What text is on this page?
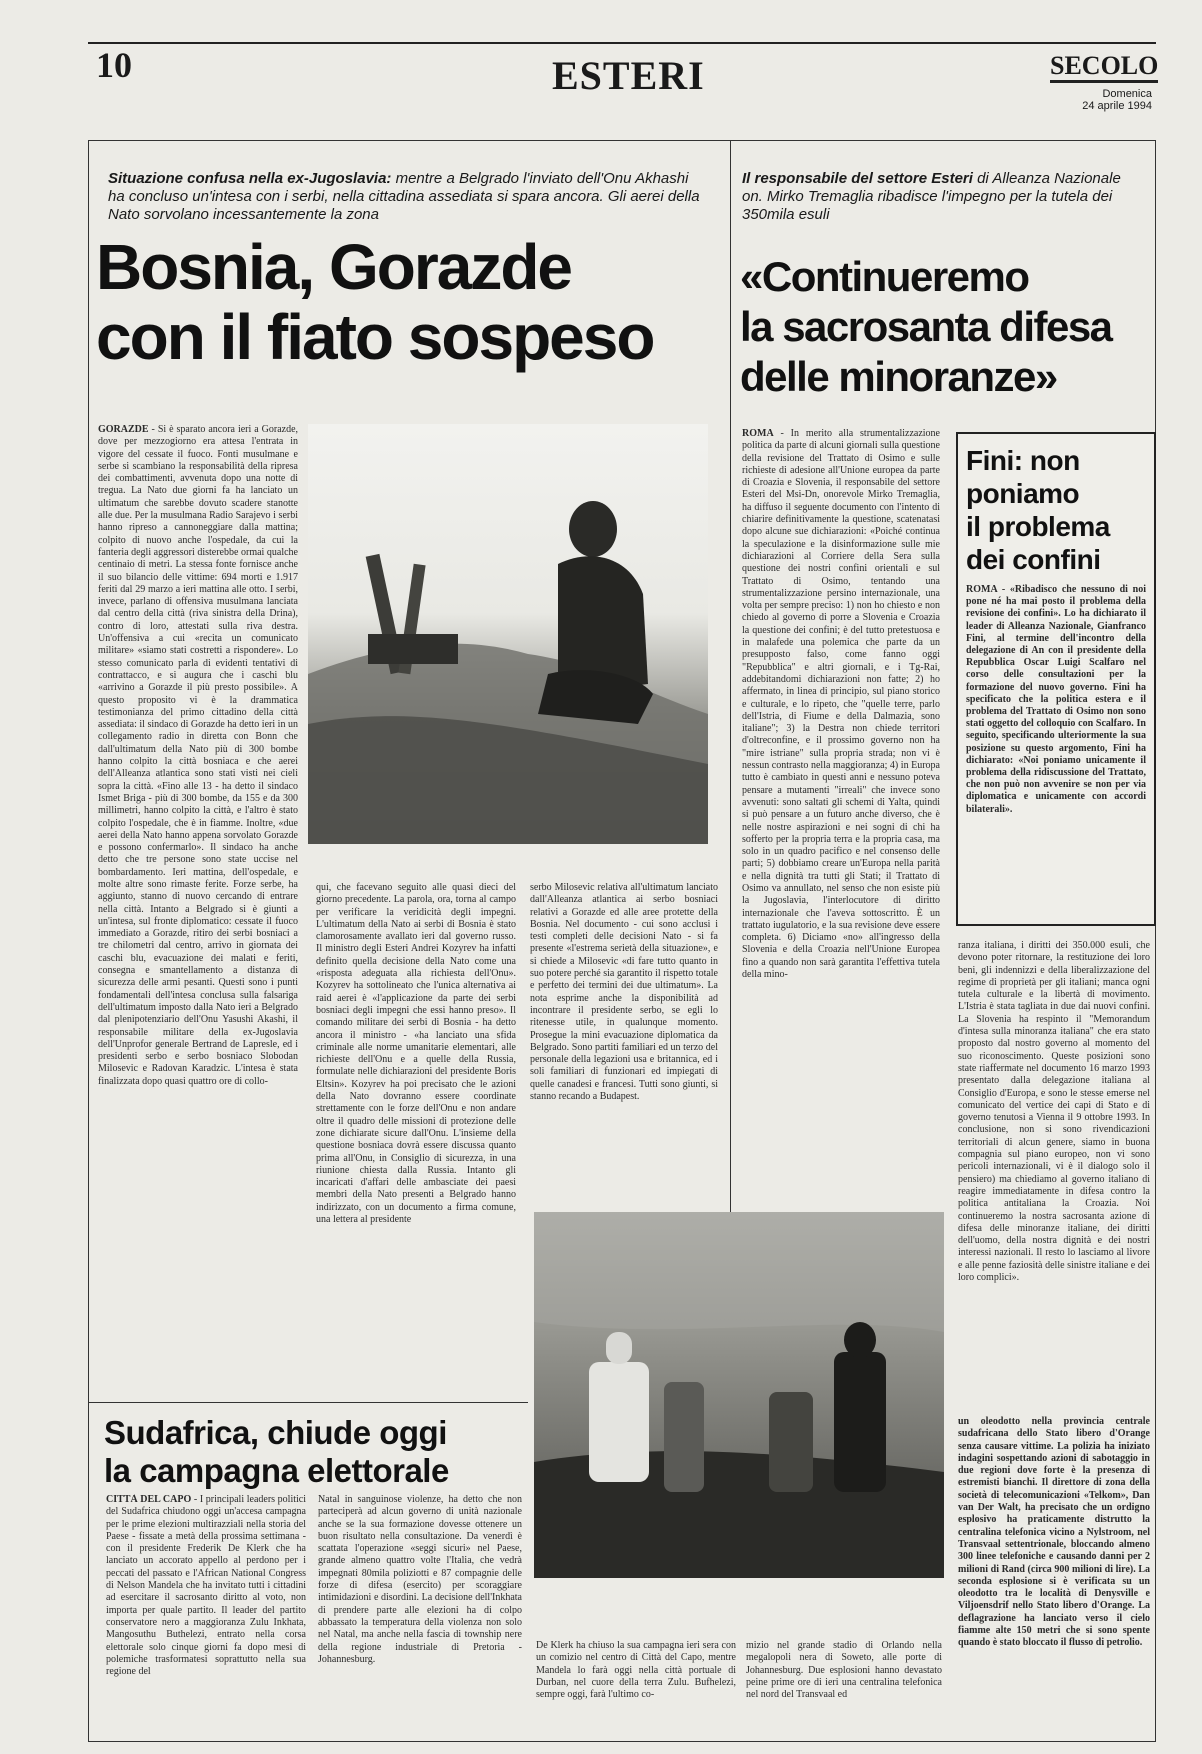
10	ESTERI	SECOLO
Domenica
24 aprile 1994
Situazione confusa nella ex-Jugoslavia: mentre a Belgrado l'inviato dell'Onu Akhashi ha concluso un'intesa con i serbi, nella cittadina assediata si spara ancora. Gli aerei della Nato sorvolano incessantemente la zona
Bosnia, Gorazde
con il fiato sospeso
GORAZDE - Si è sparato ancora ieri a Gorazde, dove per mezzogiorno era attesa l'entrata in vigore del cessate il fuoco. Fonti musulmane e serbe si scambiano la responsabilità della ripresa dei combattimenti, avvenuta dopo una notte di tregua. La Nato due giorni fa ha lanciato un ultimatum che sarebbe dovuto scadere stanotte alle due. Per la musulmana Radio Sarajevo i serbi hanno ripreso a cannoneggiare dalla mattina; colpito di nuovo anche l'ospedale, da cui la fanteria degli aggressori disterebbe ormai qualche centinaio di metri. La stessa fonte fornisce anche il suo bilancio delle vittime: 694 morti e 1.917 feriti dal 29 marzo a ieri mattina alle otto. I serbi, invece, parlano di offensiva musulmana lanciata dal centro della città (riva sinistra della Drina), contro di loro, attestati sulla riva destra. Un'offensiva a cui «recita un comunicato militare» «siamo stati costretti a rispondere». Lo stesso comunicato parla di evidenti tentativi di contrattacco, e si augura che i caschi blu «arrivino a Gorazde il più presto possibile». A questo proposito vi è la drammatica testimonianza del primo cittadino della città assediata: il sindaco di Gorazde ha detto ieri in un collegamento radio in diretta con Bonn che dall'ultimatum della Nato più di 300 bombe hanno colpito la città bosniaca e che aerei dell'Alleanza atlantica sono stati visti nei cieli sopra la città. «Fino alle 13 - ha detto il sindaco Ismet Briga - più di 300 bombe, da 155 e da 300 millimetri, hanno colpito la città, e l'altro è stato colpito l'ospedale, che è in fiamme. Inoltre, «due aerei della Nato hanno appena sorvolato Gorazde e possono confermarlo». Il sindaco ha anche detto che tre persone sono state uccise nel bombardamento. Ieri mattina, dell'ospedale, e molte altre sono rimaste ferite. Forze serbe, ha aggiunto, stanno di nuovo cercando di entrare nella città. Intanto a Belgrado si è giunti a un'intesa, sul fronte diplomatico: cessate il fuoco immediato a Gorazde, ritiro dei serbi bosniaci a tre chilometri dal centro, arrivo in giornata dei caschi blu, evacuazione dei malati e feriti, consegna e smantellamento a distanza di sicurezza delle armi pesanti. Questi sono i punti fondamentali dell'intesa conclusa sulla falsariga dell'ultimatum imposto dalla Nato ieri a Belgrado dal plenipotenziario dell'Onu Yasushi Akashi, il responsabile militare della ex-Jugoslavia dell'Unprofor generale Bertrand de Lapresle, ed i presidenti serbo e serbo bosniaco Slobodan Milosevic e Radovan Karadzic. L'intesa è stata finalizzata dopo quasi quattro ore di collo-
qui, che facevano seguito alle quasi dieci del giorno precedente. La parola, ora, torna al campo per verificare la veridicità degli impegni. L'ultimatum della Nato ai serbi di Bosnia è stato clamorosamente avallato ieri dal governo russo. Il ministro degli Esteri Andrei Kozyrev ha infatti definito quella decisione della Nato come una «risposta adeguata alla richiesta dell'Onu». Kozyrev ha sottolineato che l'unica alternativa ai raid aerei è «l'applicazione da parte dei serbi bosniaci degli impegni che essi hanno preso». Il comando militare dei serbi di Bosnia - ha detto ancora il ministro - «ha lanciato una sfida criminale alle norme umanitarie elementari, alle richieste dell'Onu e a quelle della Russia, formulate nelle dichiarazioni del presidente Boris Eltsin». Kozyrev ha poi precisato che le azioni della Nato dovranno essere coordinate strettamente con le forze dell'Onu e non andare oltre il quadro delle missioni di protezione delle zone dichiarate sicure dall'Onu. L'insieme della questione bosniaca dovrà essere discussa quanto prima all'Onu, in Consiglio di sicurezza, in una riunione chiesta dalla Russia. Intanto gli incaricati d'affari delle ambasciate dei paesi membri della Nato presenti a Belgrado hanno indirizzato, con un documento a firma comune, una lettera al presidente
serbo Milosevic relativa all'ultimatum lanciato dall'Alleanza atlantica ai serbo bosniaci relativi a Gorazde ed alle aree protette della Bosnia. Nel documento - cui sono acclusi i testi completi delle decisioni Nato - si fa presente «l'estrema serietà della situazione», e si chiede a Milosevic «di fare tutto quanto in suo potere perché sia garantito il rispetto totale e perfetto dei termini dei due ultimatum». La nota esprime anche la disponibilità ad incontrare il presidente serbo, se egli lo ritenesse utile, in qualunque momento. Prosegue la mini evacuazione diplomatica da Belgrado. Sono partiti familiari ed un terzo del personale della legazioni usa e britannica, ed i soli familiari di funzionari ed impiegati di quelle canadesi e francesi. Tutti sono giunti, si stanno recando a Budapest.
Il responsabile del settore Esteri di Alleanza Nazionale on. Mirko Tremaglia ribadisce l'impegno per la tutela dei 350mila esuli
«Continueremo
la sacrosanta difesa
delle minoranze»
ROMA - In merito alla strumentalizzazione politica da parte di alcuni giornali sulla questione della revisione del Trattato di Osimo e sulle richieste di adesione all'Unione europea da parte di Croazia e Slovenia, il responsabile del settore Esteri del Msi-Dn, onorevole Mirko Tremaglia, ha diffuso il seguente documento con l'intento di chiarire definitivamente la questione, scatenatasi dopo alcune sue dichiarazioni: «Poiché continua la speculazione e la disinformazione sulle mie dichiarazioni al Corriere della Sera sulla questione dei nostri confini orientali e sul Trattato di Osimo, tentando una strumentalizzazione persino internazionale, una volta per sempre preciso: 1) non ho chiesto e non chiedo al governo di porre a Slovenia e Croazia la questione dei confini; è del tutto pretestuosa e in malafede una polemica che parte da un presupposto falso, come fanno oggi "Repubblica" e altri giornali, e i Tg-Rai, addebitandomi dichiarazioni non fatte; 2) ho affermato, in linea di principio, sul piano storico e culturale, e lo ripeto, che "quelle terre, parlo dell'Istria, di Fiume e della Dalmazia, sono italiane"; 3) la Destra non chiede territori d'oltreconfine, e il prossimo governo non ha "mire istriane" sulla propria strada; non vi è nessun contrasto nella maggioranza; 4) in Europa tutto è cambiato in questi anni e nessuno poteva pensare a mutamenti "irreali" che invece sono avvenuti: sono saltati gli schemi di Yalta, quindi si può pensare a un futuro anche diverso, che è nelle nostre aspirazioni e nei sogni di chi ha sofferto per la propria terra e la propria casa, ma solo in un quadro pacifico e nel consenso delle parti; 5) dobbiamo creare un'Europa nella parità e nella dignità tra tutti gli Stati; il Trattato di Osimo va annullato, nel senso che non esiste più la Jugoslavia, l'interlocutore di diritto internazionale che l'aveva sottoscritto. È un trattato iugulatorio, e la sua revisione deve essere completa. 6) Diciamo «no» all'ingresso della Slovenia e della Croazia nell'Unione Europea fino a quando non sarà garantita l'effettiva tutela della mino-
Fini: non
poniamo
il problema
dei confini
ROMA - «Ribadisco che nessuno di noi pone né ha mai posto il problema della revisione dei confini». Lo ha dichiarato il leader di Alleanza Nazionale, Gianfranco Fini, al termine dell'incontro della delegazione di An con il presidente della Repubblica Oscar Luigi Scalfaro nel corso delle consultazioni per la formazione del nuovo governo. Fini ha specificato che la politica estera e il problema del Trattato di Osimo non sono stati oggetto del colloquio con Scalfaro. In seguito, specificando ulteriormente la sua posizione su questo argomento, Fini ha dichiarato: «Noi poniamo unicamente il problema della ridiscussione del Trattato, che non può non avvenire se non per via diplomatica e unicamente con accordi bilaterali».
ranza italiana, i diritti dei 350.000 esuli, che devono poter ritornare, la restituzione dei loro beni, gli indennizzi e della liberalizzazione del regime di proprietà per gli italiani; manca ogni tutela culturale e la libertà di movimento. L'Istria è stata tagliata in due dai nuovi confini. La Slovenia ha respinto il "Memorandum d'intesa sulla minoranza italiana" che era stato proposto dal nostro governo al momento del suo riconoscimento. Queste posizioni sono state riaffermate nel documento 16 marzo 1993 presentato dalla delegazione italiana al Consiglio d'Europa, e sono le stesse emerse nel comunicato del vertice dei capi di Stato e di governo tenutosi a Vienna il 9 ottobre 1993. In conclusione, non si sono rivendicazioni territoriali di alcun genere, siamo in buona compagnia sul piano europeo, non vi sono pericoli internazionali, vi è il dialogo solo il pensiero) ma chiediamo al governo italiano di reagire immediatamente in difesa contro la politica antitaliana la Croazia. Noi continueremo la nostra sacrosanta azione di difesa delle minoranze italiane, dei diritti dell'uomo, della nostra dignità e dei nostri interessi nazionali. Il resto lo lasciamo al livore e alle penne faziosità delle sinistre italiane e dei loro complici».
Sudafrica, chiude oggi
la campagna elettorale
CITTÀ DEL CAPO - I principali leaders politici del Sudafrica chiudono oggi un'accesa campagna per le prime elezioni multirazziali nella storia del Paese - fissate a metà della prossima settimana - con il presidente Frederik De Klerk che ha lanciato un accorato appello al perdono per i peccati del passato e l'African National Congress di Nelson Mandela che ha invitato tutti i cittadini ad esercitare il sacrosanto diritto al voto, non importa per quale partito. Il leader del partito conservatore nero a maggioranza Zulu Inkhata, Mangosuthu Buthelezi, entrato nella corsa elettorale solo cinque giorni fa dopo mesi di polemiche trasformatesi soprattutto nella sua regione del
Natal in sanguinose violenze, ha detto che non parteciperà ad alcun governo di unità nazionale anche se la sua formazione dovesse ottenere un buon risultato nella consultazione. Da venerdì è scattata l'operazione «seggi sicuri» nel Paese, grande almeno quattro volte l'Italia, che vedrà impegnati 80mila poliziotti e 87 compagnie delle forze di difesa (esercito) per scoraggiare intimidazioni e disordini. La decisione dell'Inkhata di prendere parte alle elezioni ha di colpo abbassato la temperatura della violenza non solo nel Natal, ma anche nella fascia di township nere della regione industriale di Pretoria - Johannesburg.
De Klerk ha chiuso la sua campagna ieri sera con un comizio nel centro di Città del Capo, mentre Mandela lo farà oggi nella città portuale di Durban, nel cuore della terra Zulu. Bufhelezi, sempre oggi, farà l'ultimo co-
mizio nel grande stadio di Orlando nella megalopoli nera di Soweto, alle porte di Johannesburg. Due esplosioni hanno devastato peine prime ore di ieri una centralina telefonica nel nord del Transvaal ed
un oleodotto nella provincia centrale sudafricana dello Stato libero d'Orange senza causare vittime. La polizia ha iniziato indagini sospettando azioni di sabotaggio in due regioni dove forte è la presenza di estremisti bianchi. Il direttore di zona della società di telecomunicazioni «Telkom», Dan van Der Walt, ha precisato che un ordigno esplosivo ha praticamente distrutto la centralina telefonica vicino a Nylstroom, nel Transvaal settentrionale, bloccando almeno 300 linee telefoniche e causando danni per 2 milioni di Rand (circa 900 milioni di lire). La seconda esplosione si è verificata su un oleodotto tra le località di Denysville e Viljoensdrif nello Stato libero d'Orange. La deflagrazione ha lanciato verso il cielo fiamme alte 150 metri che si sono spente quando è stato bloccato il flusso di petrolio.
